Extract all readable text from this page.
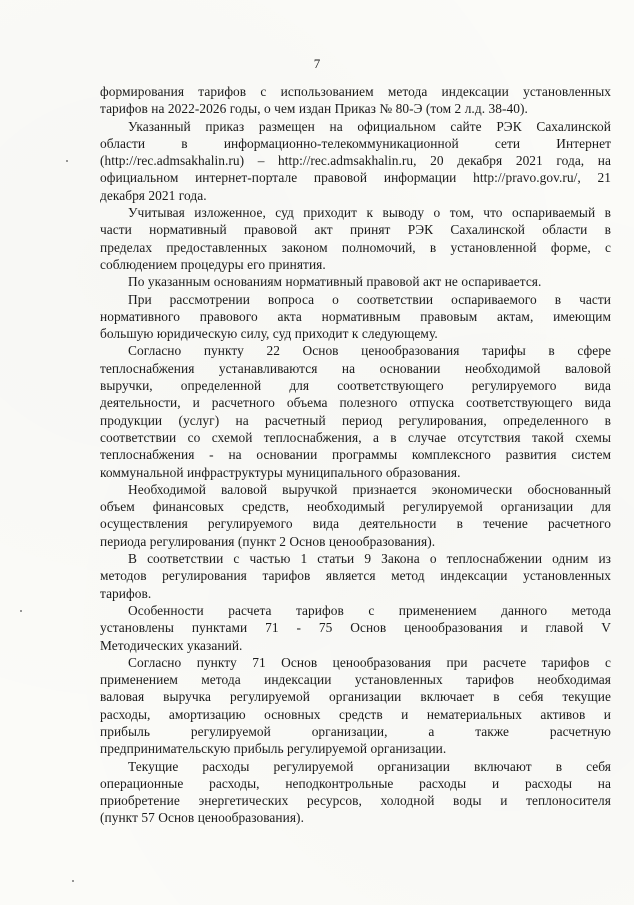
7
формирования тарифов с использованием метода индексации установленных
тарифов на 2022-2026 годы, о чем издан Приказ № 80-Э (том 2 л.д. 38-40).
Указанный приказ размещен на официальном сайте РЭК Сахалинской
области в информационно-телекоммуникационной сети Интернет
(http://rec.admsakhalin.ru) – http://rec.admsakhalin.ru, 20 декабря 2021 года, на
официальном интернет-портале правовой информации http://pravo.gov.ru/, 21
декабря 2021 года.
Учитывая изложенное, суд приходит к выводу о том, что оспариваемый в
части нормативный правовой акт принят РЭК Сахалинской области в
пределах предоставленных законом полномочий, в установленной форме, с
соблюдением процедуры его принятия.
По указанным основаниям нормативный правовой акт не оспаривается.
При рассмотрении вопроса о соответствии оспариваемого в части
нормативного правового акта нормативным правовым актам, имеющим
большую юридическую силу, суд приходит к следующему.
Согласно пункту 22 Основ ценообразования тарифы в сфере
теплоснабжения устанавливаются на основании необходимой валовой
выручки, определенной для соответствующего регулируемого вида
деятельности, и расчетного объема полезного отпуска соответствующего вида
продукции (услуг) на расчетный период регулирования, определенного в
соответствии со схемой теплоснабжения, а в случае отсутствия такой схемы
теплоснабжения - на основании программы комплексного развития систем
коммунальной инфраструктуры муниципального образования.
Необходимой валовой выручкой признается экономически обоснованный
объем финансовых средств, необходимый регулируемой организации для
осуществления регулируемого вида деятельности в течение расчетного
периода регулирования (пункт 2 Основ ценообразования).
В соответствии с частью 1 статьи 9 Закона о теплоснабжении одним из
методов регулирования тарифов является метод индексации установленных
тарифов.
Особенности расчета тарифов с применением данного метода
установлены пунктами 71 - 75 Основ ценообразования и главой V
Методических указаний.
Согласно пункту 71 Основ ценообразования при расчете тарифов с
применением метода индексации установленных тарифов необходимая
валовая выручка регулируемой организации включает в себя текущие
расходы, амортизацию основных средств и нематериальных активов и
прибыль регулируемой организации, а также расчетную
предпринимательскую прибыль регулируемой организации.
Текущие расходы регулируемой организации включают в себя
операционные расходы, неподконтрольные расходы и расходы на
приобретение энергетических ресурсов, холодной воды и теплоносителя
(пункт 57 Основ ценообразования).
